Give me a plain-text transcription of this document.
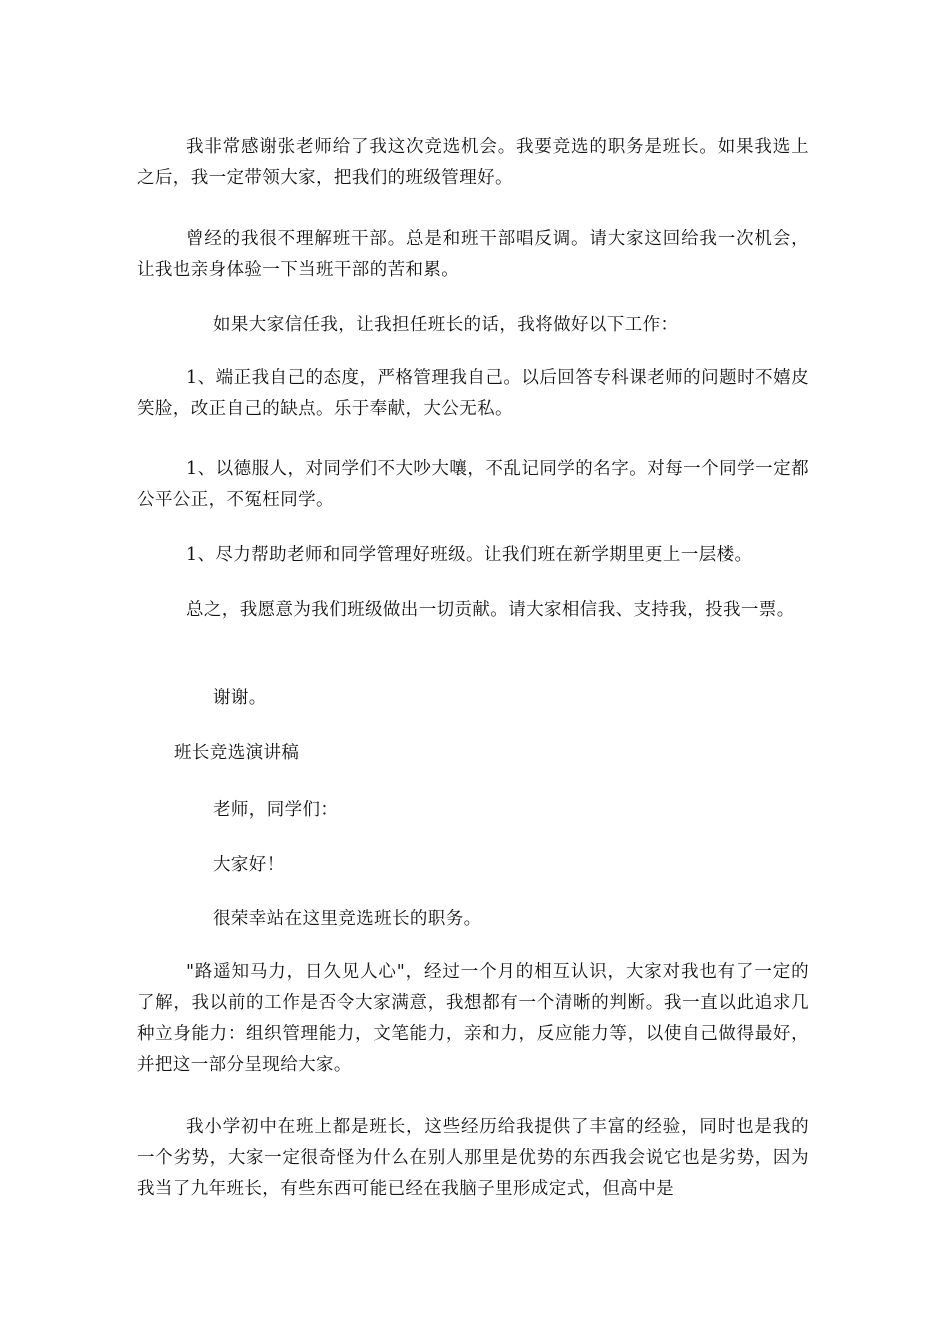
我非常感谢张老师给了我这次竞选机会。我要竞选的职务是班长。如果我选上之后，我一定带领大家，把我们的班级管理好。

曾经的我很不理解班干部。总是和班干部唱反调。请大家这回给我一次机会，让我也亲身体验一下当班干部的苦和累。

如果大家信任我，让我担任班长的话，我将做好以下工作：

1、端正我自己的态度，严格管理我自己。以后回答专科课老师的问题时不嬉皮笑脸，改正自己的缺点。乐于奉献，大公无私。

1、以德服人，对同学们不大吵大嚷，不乱记同学的名字。对每一个同学一定都公平公正，不冤枉同学。

1、尽力帮助老师和同学管理好班级。让我们班在新学期里更上一层楼。

总之，我愿意为我们班级做出一切贡献。请大家相信我、支持我，投我一票。

谢谢。

班长竞选演讲稿

老师，同学们：

大家好！

很荣幸站在这里竞选班长的职务。

"路遥知马力，日久见人心"，经过一个月的相互认识，大家对我也有了一定的了解，我以前的工作是否令大家满意，我想都有一个清晰的判断。我一直以此追求几种立身能力：组织管理能力，文笔能力，亲和力，反应能力等，以使自己做得最好，并把这一部分呈现给大家。

我小学初中在班上都是班长，这些经历给我提供了丰富的经验，同时也是我的一个劣势，大家一定很奇怪为什么在别人那里是优势的东西我会说它也是劣势，因为我当了九年班长，有些东西可能已经在我脑子里形成定式，但高中是
